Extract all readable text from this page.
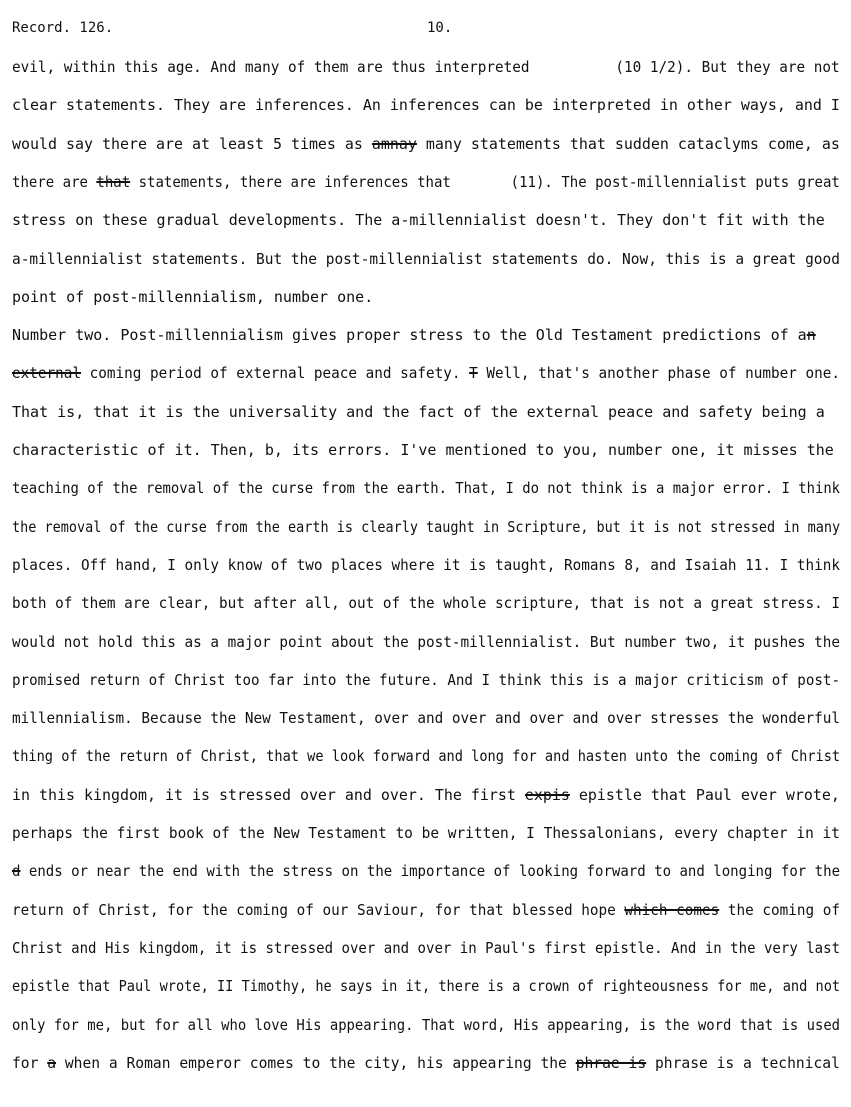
Record. 126.	10.
evil, within this age. And many of them are thus interpreted	(10 1/2). But they are not
clear statements. They are inferences. An inferences can be interpreted in other ways, and I
would say there are at least 5 times as amnay many statements that sudden cataclyms come, as
there are that statements, there are inferences that	(11). The post-millennialist puts great
stress on these gradual developments. The a-millennialist doesn't. They don't fit with the
a-millennialist statements. But the post-millennialist statements do. Now, this is a great good
point of post-millennialism, number one.
Number two. Post-millennialism gives proper stress to the Old Testament predictions of an
external coming period of external peace and safety. T Well, that's another phase of number one.
That is, that it is the universality and the fact of the external peace and safety being a
characteristic of it. Then, b, its errors. I've mentioned to you, number one, it misses the
teaching of the removal of the curse from the earth. That, I do not think is a major error. I think
the removal of the curse from the earth is clearly taught in Scripture, but it is not stressed in many
places. Off hand, I only know of two places where it is taught, Romans 8, and Isaiah 11. I think
both of them are clear, but after all, out of the whole scripture, that is not a great stress. I
would not hold this as a major point about the post-millennialist. But number two, it pushes the
promised return of Christ too far into the future. And I think this is a major criticism of post-
millennialism. Because the New Testament, over and over and over and over stresses the wonderful
thing of the return of Christ, that we look forward and long for and hasten unto the coming of Christ
in this kingdom, it is stressed over and over. The first expis epistle that Paul ever wrote,
perhaps the first book of the New Testament to be written, I Thessalonians, every chapter in it
d ends or near the end with the stress on the importance of looking forward to and longing for the
return of Christ, for the coming of our Saviour, for that blessed hope which comes the coming of
Christ and His kingdom, it is stressed over and over in Paul's first epistle. And in the very last
epistle that Paul wrote, II Timothy, he says in it, there is a crown of righteousness for me, and not
only for me, but for all who love His appearing. That word, His appearing, is the word that is used
for a when a Roman emperor comes to the city, his appearing the phrae is phrase is a technical
